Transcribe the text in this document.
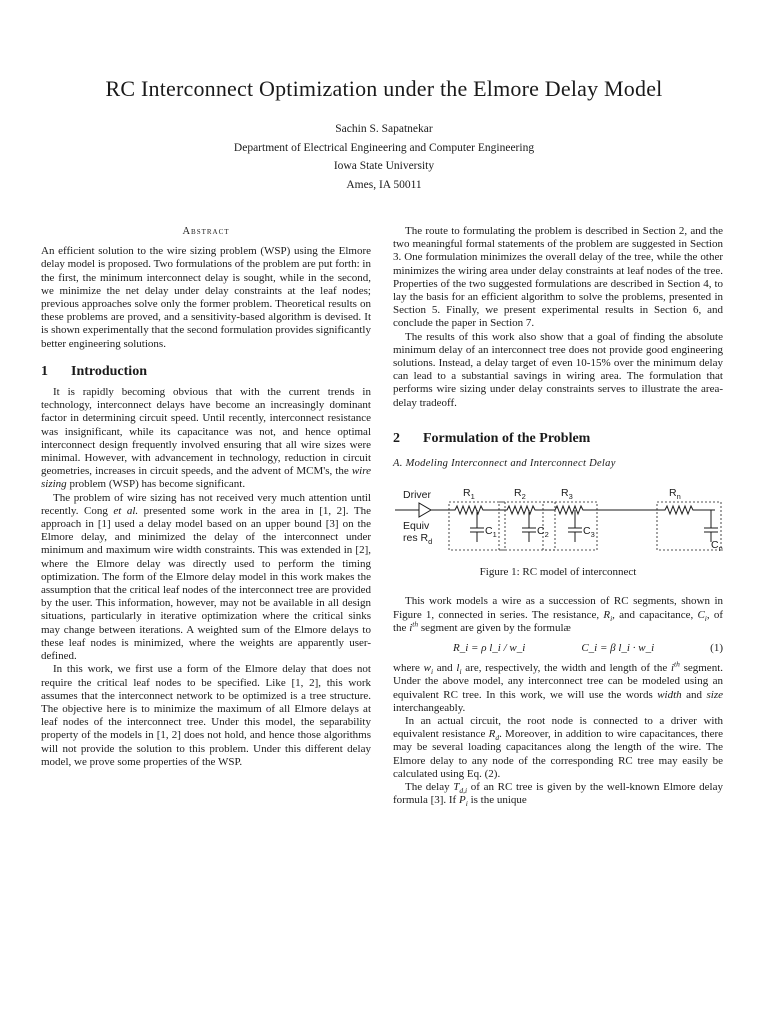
RC Interconnect Optimization under the Elmore Delay Model
Sachin S. Sapatnekar
Department of Electrical Engineering and Computer Engineering
Iowa State University
Ames, IA 50011
Abstract

An efficient solution to the wire sizing problem (WSP) using the Elmore delay model is proposed. Two formulations of the problem are put forth: in the first, the minimum interconnect delay is sought, while in the second, we minimize the net delay under delay constraints at the leaf nodes; previous approaches solve only the former problem. Theoretical results on these problems are proved, and a sensitivity-based algorithm is devised. It is shown experimentally that the second formulation provides significantly better engineering solutions.

1 Introduction

It is rapidly becoming obvious that with the current trends in technology, interconnect delays have become an increasingly dominant factor in determining circuit speed. Until recently, interconnect resistance was insignificant, while its capacitance was not, and hence optimal interconnect design frequently involved ensuring that all wire sizes were minimal. However, with advancement in technology, reduction in circuit geometries, increases in circuit speeds, and the advent of MCM's, the wire sizing problem (WSP) has become significant.

The problem of wire sizing has not received very much attention until recently. Cong et al. presented some work in the area in [1, 2]. The approach in [1] used a delay model based on an upper bound [3] on the Elmore delay, and minimized the delay of the interconnect under minimum and maximum wire width constraints. This was extended in [2], where the Elmore delay was directly used to perform the timing optimization. The form of the Elmore delay model in this work makes the assumption that the critical leaf nodes of the interconnect tree are provided by the user. This information, however, may not be available in all design situations, particularly in iterative optimization where the critical sinks may change between iterations. A weighted sum of the Elmore delays to these leaf nodes is minimized, where the weights are apparently user-defined.

In this work, we first use a form of the Elmore delay that does not require the critical leaf nodes to be specified. Like [1, 2], this work assumes that the interconnect network to be optimized is a tree structure. The objective here is to minimize the maximum of all Elmore delays at leaf nodes of the interconnect tree. Under this model, the separability property of the models in [1, 2] does not hold, and hence those algorithms will not provide the solution to this problem. Under this different delay model, we prove some properties of the WSP.

The route to formulating the problem is described in Section 2, and the two meaningful formal statements of the problem are suggested in Section 3. One formulation minimizes the overall delay of the tree, while the other minimizes the wiring area under delay constraints at leaf nodes of the tree. Properties of the two suggested formulations are described in Section 4, to lay the basis for an efficient algorithm to solve the problems, presented in Section 5. Finally, we present experimental results in Section 6, and conclude the paper in Section 7.

The results of this work also show that a goal of finding the absolute minimum delay of an interconnect tree does not provide good engineering solutions. Instead, a delay target of even 10-15% over the minimum delay can lead to a substantial savings in wiring area. The formulation that performs wire sizing under delay constraints serves to illustrate the area-delay tradeoff.

2 Formulation of the Problem
A. Modeling Interconnect and Interconnect Delay
Driver
Equiv
res $R_d$
$R_1$
$C_1$
$R_2$
$C_2$
$R_3$
$C_3$
$R_n$
$C_n$
Figure 1: RC model of interconnect

This work models a wire as a succession of RC segments, shown in Figure 1, connected in series. The resistance, $R_i$, and capacitance, $C_i$, of the $i^{th}$ segment are given by the formulæ

R_i = ρ l_i / w_i	C_i = β l_i · w_i	(1)

where $w_i$ and $l_i$ are, respectively, the width and length of the $i^{th}$ segment. Under the above model, any interconnect tree can be modeled using an equivalent RC tree. In this work, we will use the words width and size interchangeably.

In an actual circuit, the root node is connected to a driver with equivalent resistance $R_d$. Moreover, in addition to wire capacitances, there may be several loading capacitances along the length of the wire. The Elmore delay to any node of the corresponding RC tree may easily be calculated using Eq. (2).

The delay $T_{d,i}$ of an RC tree is given by the well-known Elmore delay formula [3]. If $P_i$ is the unique
